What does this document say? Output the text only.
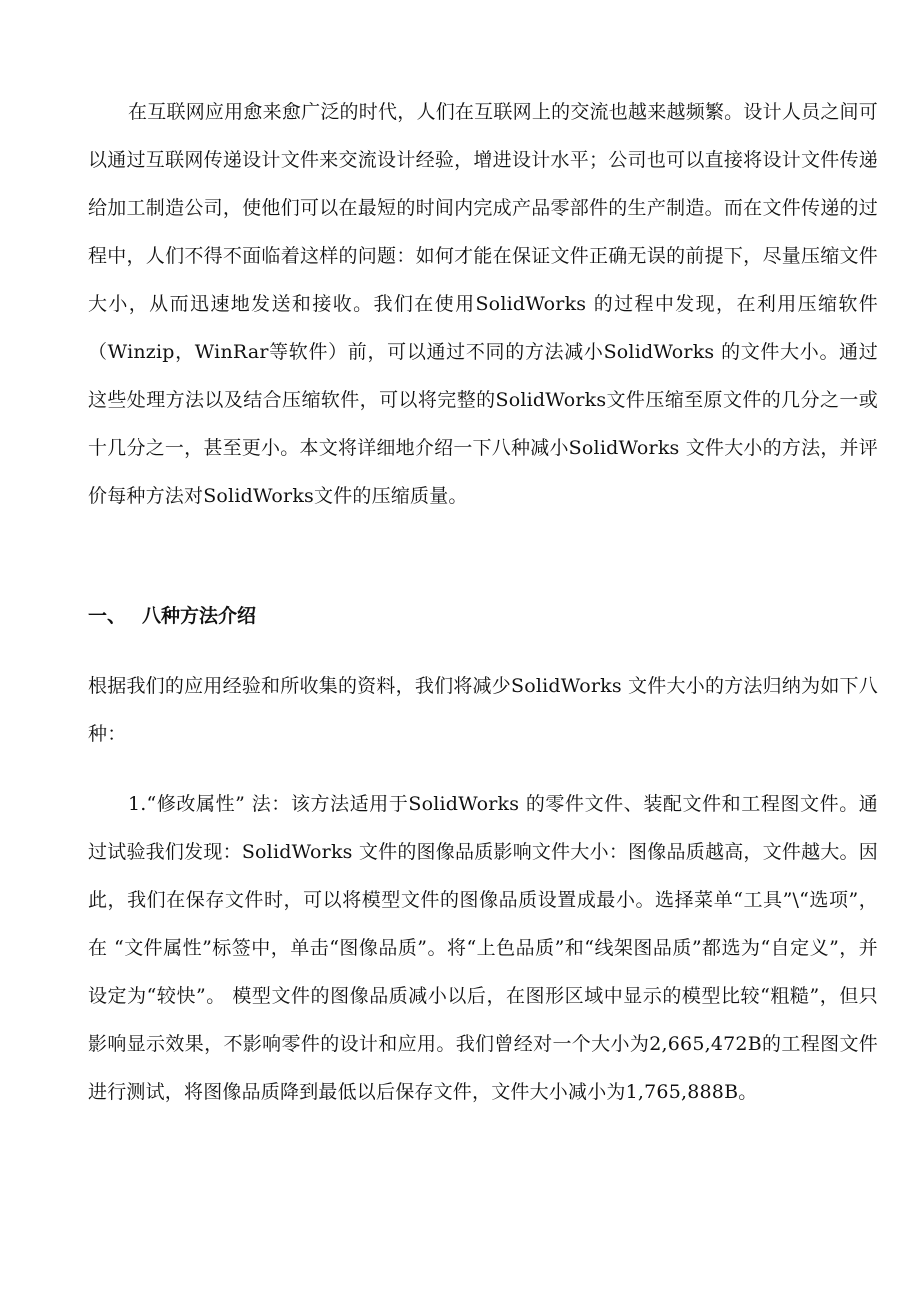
在互联网应用愈来愈广泛的时代，人们在互联网上的交流也越来越频繁。设计人员之间可以通过互联网传递设计文件来交流设计经验，增进设计水平；公司也可以直接将设计文件传递给加工制造公司，使他们可以在最短的时间内完成产品零部件的生产制造。而在文件传递的过程中，人们不得不面临着这样的问题：如何才能在保证文件正确无误的前提下，尽量压缩文件大小，从而迅速地发送和接收。我们在使用SolidWorks 的过程中发现，在利用压缩软件（Winzip，WinRar等软件）前，可以通过不同的方法减小SolidWorks 的文件大小。通过这些处理方法以及结合压缩软件，可以将完整的SolidWorks文件压缩至原文件的几分之一或十几分之一，甚至更小。本文将详细地介绍一下八种减小SolidWorks 文件大小的方法，并评价每种方法对SolidWorks文件的压缩质量。

一、 八种方法介绍

根据我们的应用经验和所收集的资料，我们将减少SolidWorks 文件大小的方法归纳为如下八种：

1.“修改属性” 法：该方法适用于SolidWorks 的零件文件、装配文件和工程图文件。通过试验我们发现：SolidWorks 文件的图像品质影响文件大小：图像品质越高，文件越大。因此，我们在保存文件时，可以将模型文件的图像品质设置成最小。选择菜单“工具”\“选项”，在 “文件属性”标签中，单击“图像品质”。将“上色品质”和“线架图品质”都选为“自定义”，并设定为“较快”。 模型文件的图像品质减小以后，在图形区域中显示的模型比较“粗糙”，但只影响显示效果，不影响零件的设计和应用。我们曾经对一个大小为2,665,472B的工程图文件进行测试，将图像品质降到最低以后保存文件，文件大小减小为1,765,888B。
